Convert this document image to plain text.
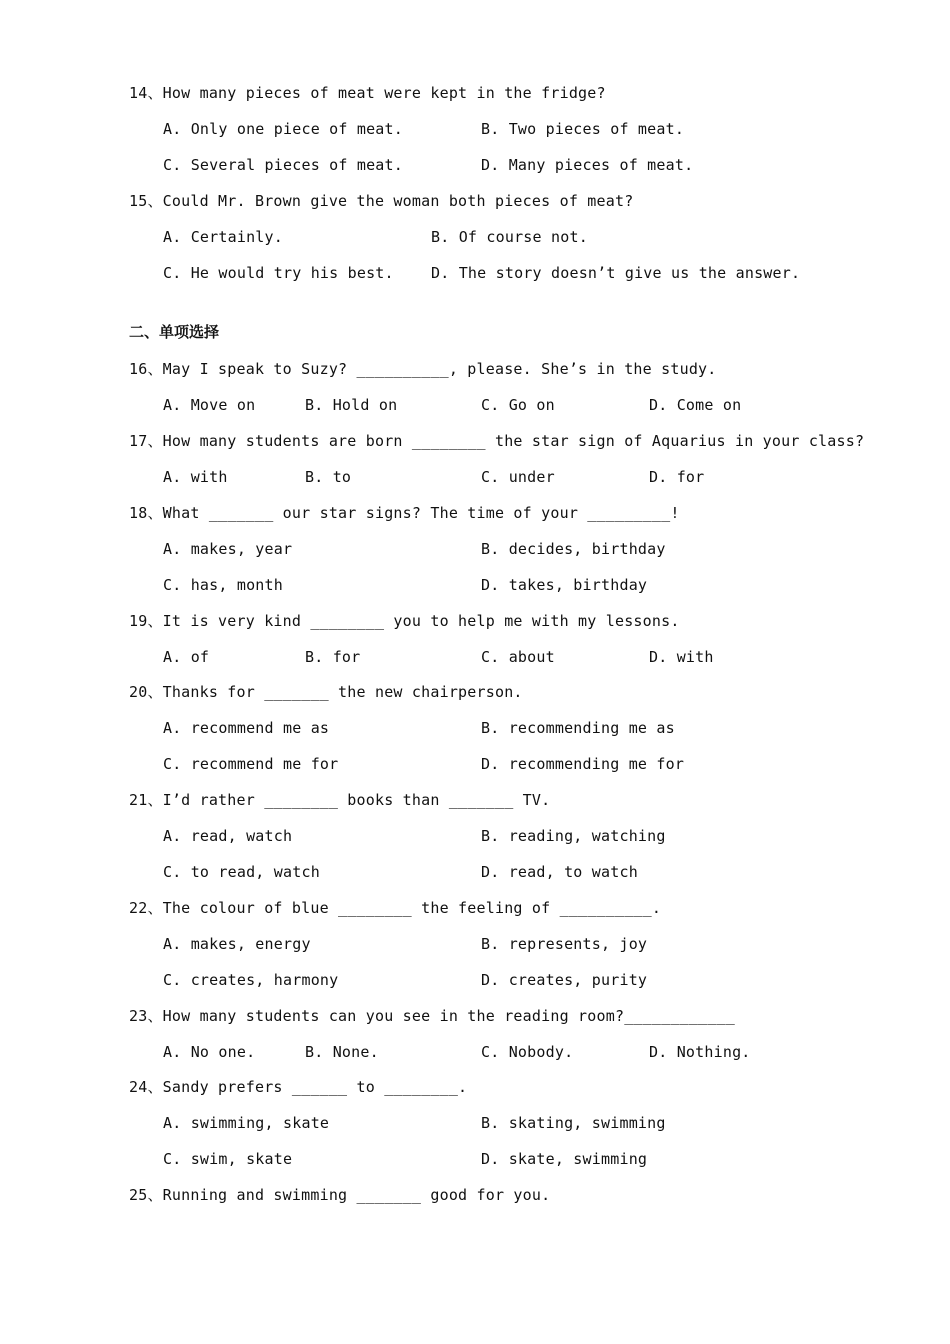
14、How many pieces of meat were kept in the fridge?
A. Only one piece of meat.	B. Two pieces of meat.
C. Several pieces of meat.	D. Many pieces of meat.
15、Could Mr. Brown give the woman both pieces of meat?
A. Certainly.	B. Of course not.
C. He would try his best. D. The story doesn’t give us the answer.
二、单项选择
16、May I speak to Suzy? __________, please. She’s in the study.
A. Move on	B. Hold on	C. Go on	D. Come on
17、How many students are born ________ the star sign of Aquarius in your class?
A. with	B. to	C. under	D. for
18、What _______ our star signs? The time of your _________!
A. makes, year	B. decides, birthday
C. has, month	D. takes, birthday
19、It is very kind ________ you to help me with my lessons.
A. of	B. for	C. about	D. with
20、Thanks for _______ the new chairperson.
A. recommend me as	B. recommending me as
C. recommend me for	D. recommending me for
21、I’d rather ________ books than _______ TV.
A. read, watch	B. reading, watching
C. to read, watch	D. read, to watch
22、The colour of blue ________ the feeling of __________.
A. makes, energy	B. represents, joy
C. creates, harmony	D. creates, purity
23、How many students can you see in the reading room?____________
A. No one.	B. None.	C. Nobody.	D. Nothing.
24、Sandy prefers ______ to ________.
A. swimming, skate	B. skating, swimming
C. swim, skate	D. skate, swimming
25、Running and swimming _______ good for you.
